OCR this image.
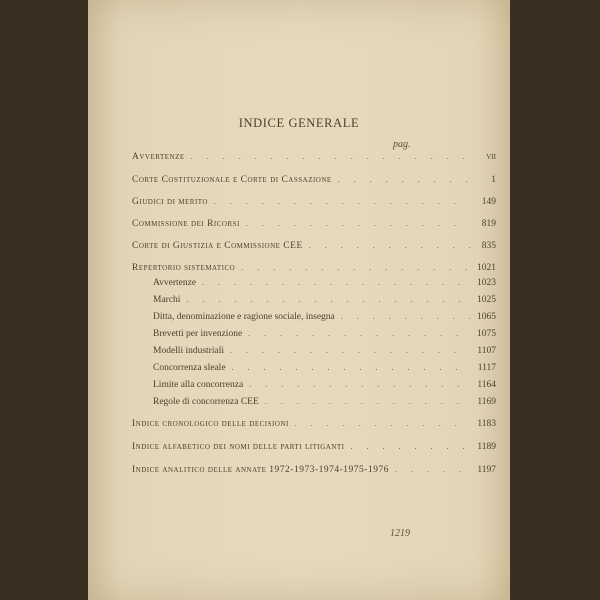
INDICE GENERALE
pag.
Avvertenze . . .	vii
Corte Costituzionale e Corte di Cassazione . . .	1
Giudici di merito . . .	149
Commissione dei Ricorsi . . .	819
Corte di Giustizia e Commissione CEE . . .	835
Repertorio sistematico . . .	1021
Avvertenze . . .	1023
Marchi . . .	1025
Ditta, denominazione e ragione sociale, insegna . . .	1065
Brevetti per invenzione . . .	1075
Modelli industriali . . .	1107
Concorrenza sleale . . .	1117
Limite alla concorrenza . . .	1164
Regole di concorrenza CEE . . .	1169
Indice cronologico delle decisioni . . .	1183
Indice alfabetico dei nomi delle parti litiganti . . .	1189
Indice analitico delle annate 1972-1973-1974-1975-1976 . . .	1197
1219
